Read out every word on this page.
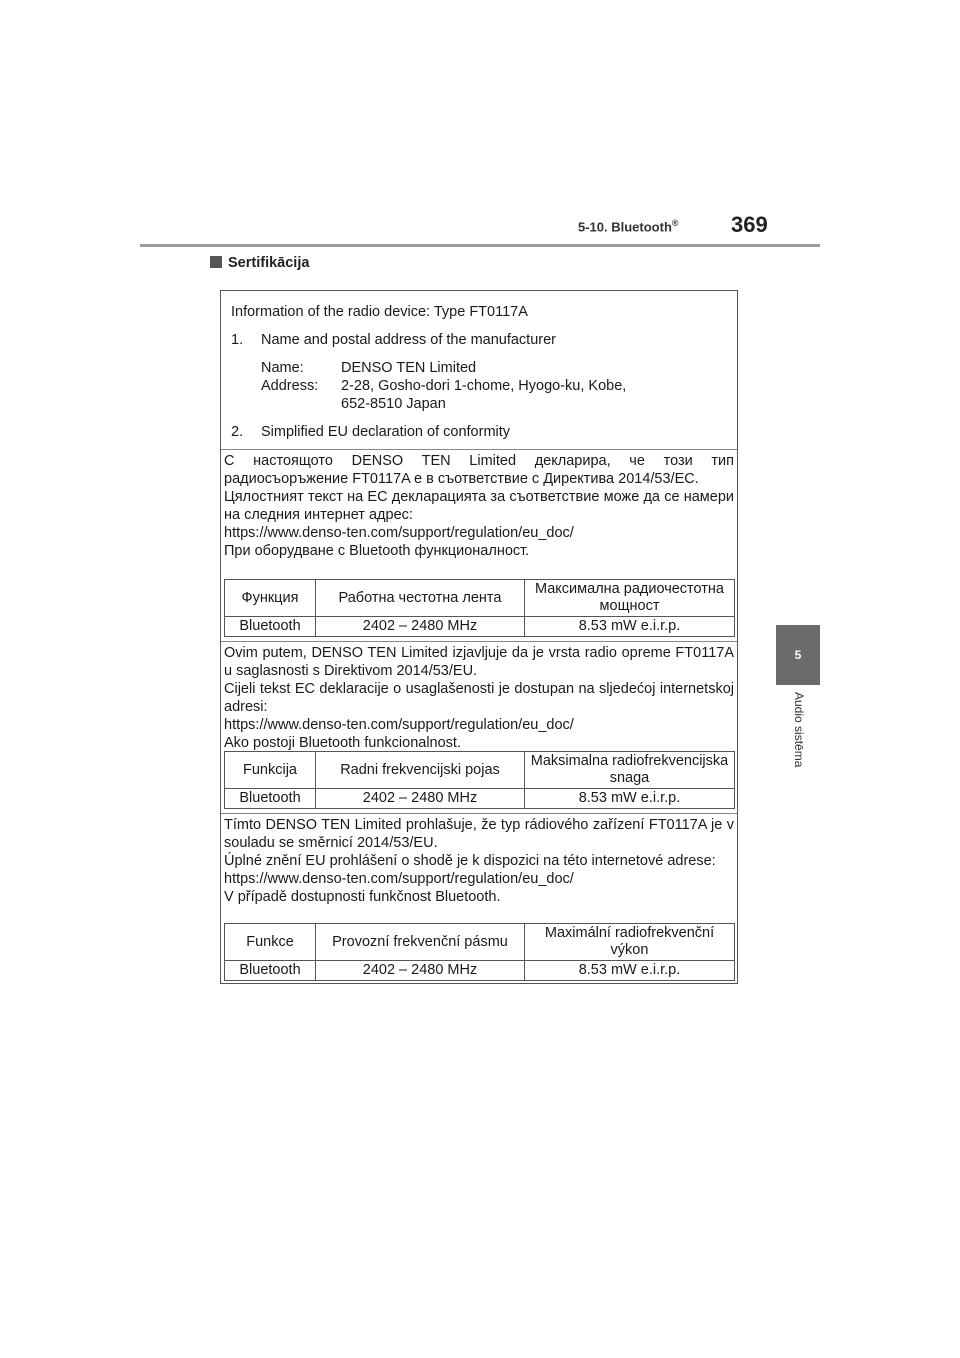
5-10. Bluetooth® 369
5
Audio sistēma
Sertifikācija
Information of the radio device: Type FT0117A
1. Name and postal address of the manufacturer
Name:	DENSO TEN Limited
Address: 2-28, Gosho-dori 1-chome, Hyogo-ku, Kobe,
652-8510 Japan
2. Simplified EU declaration of conformity

С настоящото DENSO TEN Limited декларира, че този тип радиосъоръжение FT0117A е в съответствие с Директива 2014/53/ЕС.

Цялостният текст на ЕС декларацията за съответствие може да се намери на следния интернет адрес:

https://www.denso-ten.com/support/regulation/eu_doc/

При оборудване с Bluetooth функционалност.

Функция	Работна честотна лента	Максимална радиочестотна мощност
Bluetooth	2402 – 2480 MHz	8.53 mW e.i.r.p.

Ovim putem, DENSO TEN Limited izjavljuje da je vrsta radio opreme FT0117A u saglasnosti s Direktivom 2014/53/EU.

Cijeli tekst EC deklaracije o usaglašenosti je dostupan na sljedećoj internetskoj adresi:

https://www.denso-ten.com/support/regulation/eu_doc/

Ako postoji Bluetooth funkcionalnost.

Funkcija	Radni frekvencijski pojas	Maksimalna radiofrekvencijska snaga
Bluetooth	2402 – 2480 MHz	8.53 mW e.i.r.p.

Tímto DENSO TEN Limited prohlašuje, že typ rádiového zařízení FT0117A je v souladu se směrnicí 2014/53/EU.

Úplné znění EU prohlášení o shodě je k dispozici na této internetové adrese:

https://www.denso-ten.com/support/regulation/eu_doc/

V případě dostupnosti funkčnost Bluetooth.

Funkce	Provozní frekvenční pásmu	Maximální radiofrekvenční výkon
Bluetooth	2402 – 2480 MHz	8.53 mW e.i.r.p.
